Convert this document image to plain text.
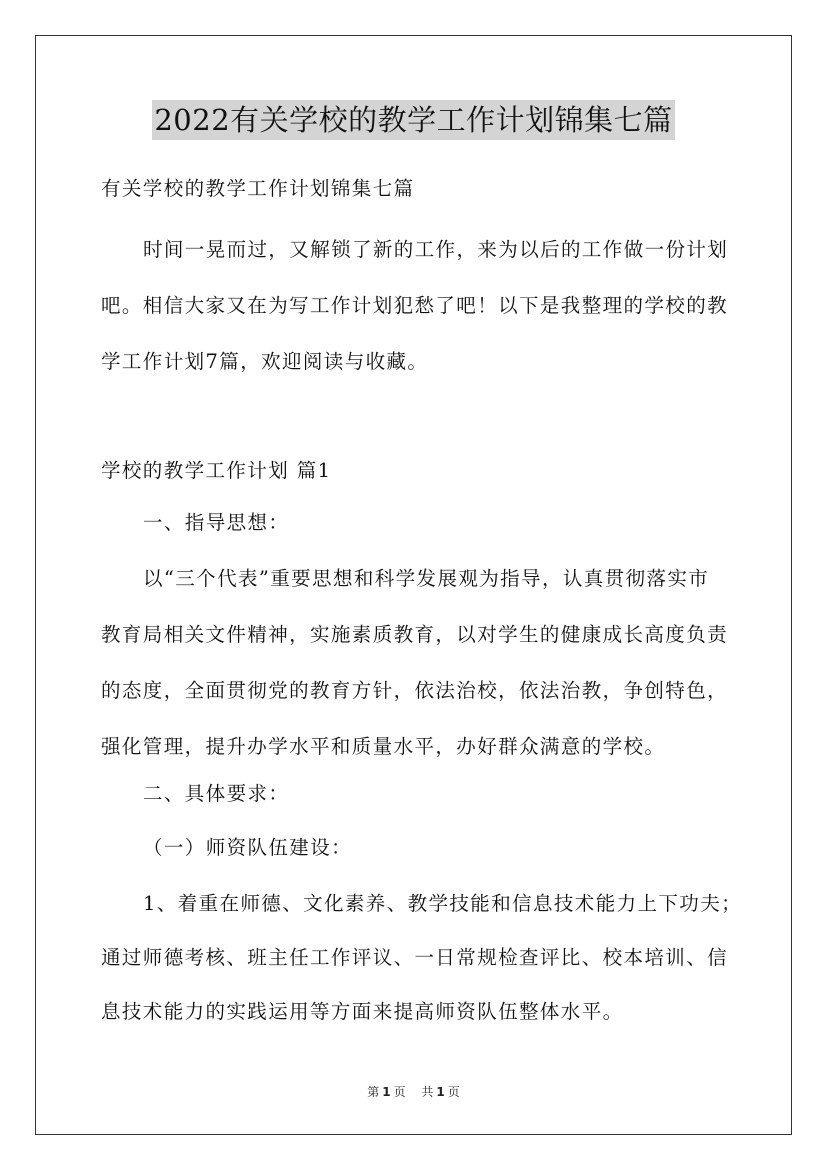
2022有关学校的教学工作计划锦集七篇
有关学校的教学工作计划锦集七篇
时间一晃而过，又解锁了新的工作，来为以后的工作做一份计划
吧。相信大家又在为写工作计划犯愁了吧！以下是我整理的学校的教
学工作计划7篇，欢迎阅读与收藏。
学校的教学工作计划 篇1
一、指导思想：
以“三个代表”重要思想和科学发展观为指导，认真贯彻落实市
教育局相关文件精神，实施素质教育，以对学生的健康成长高度负责
的态度，全面贯彻党的教育方针，依法治校，依法治教，争创特色，
强化管理，提升办学水平和质量水平，办好群众满意的学校。
二、具体要求：
（一）师资队伍建设：
1、着重在师德、文化素养、教学技能和信息技术能力上下功夫；
通过师德考核、班主任工作评议、一日常规检查评比、校本培训、信
息技术能力的实践运用等方面来提高师资队伍整体水平。
第 1 页 共 1 页
